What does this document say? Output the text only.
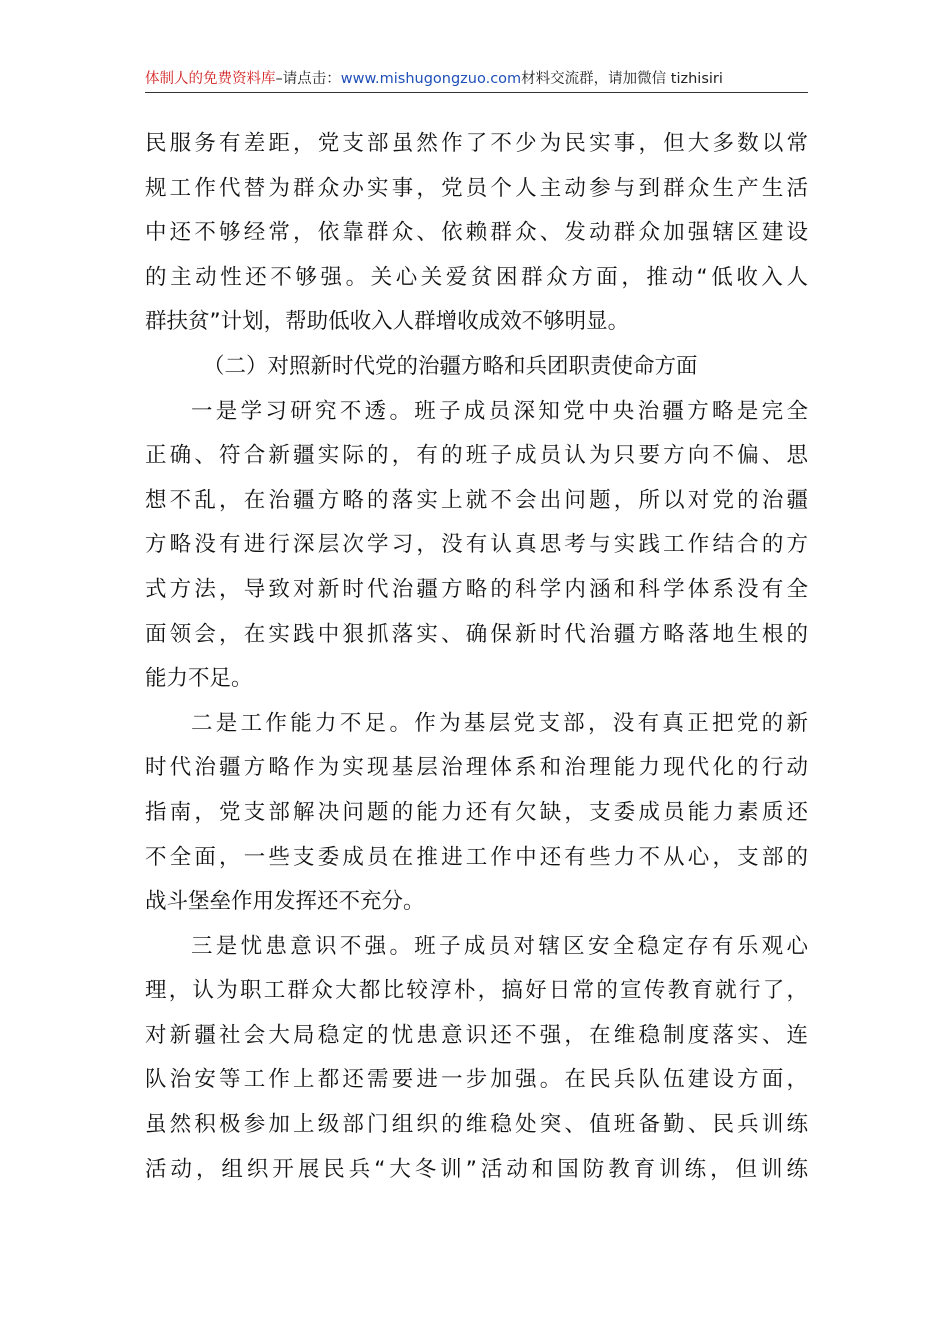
体制人的免费资料库–请点击：www.mishugongzuo.com材料交流群，请加微信 tizhisiri
民服务有差距，党支部虽然作了不少为民实事，但大多数以常
规工作代替为群众办实事，党员个人主动参与到群众生产生活
中还不够经常，依靠群众、依赖群众、发动群众加强辖区建设
的主动性还不够强。关心关爱贫困群众方面，推动“低收入人
群扶贫”计划，帮助低收入人群增收成效不够明显。
（二）对照新时代党的治疆方略和兵团职责使命方面
一是学习研究不透。班子成员深知党中央治疆方略是完全
正确、符合新疆实际的，有的班子成员认为只要方向不偏、思
想不乱，在治疆方略的落实上就不会出问题，所以对党的治疆
方略没有进行深层次学习，没有认真思考与实践工作结合的方
式方法，导致对新时代治疆方略的科学内涵和科学体系没有全
面领会，在实践中狠抓落实、确保新时代治疆方略落地生根的
能力不足。
二是工作能力不足。作为基层党支部，没有真正把党的新
时代治疆方略作为实现基层治理体系和治理能力现代化的行动
指南，党支部解决问题的能力还有欠缺，支委成员能力素质还
不全面，一些支委成员在推进工作中还有些力不从心，支部的
战斗堡垒作用发挥还不充分。
三是忧患意识不强。班子成员对辖区安全稳定存有乐观心
理，认为职工群众大都比较淳朴，搞好日常的宣传教育就行了，
对新疆社会大局稳定的忧患意识还不强，在维稳制度落实、连
队治安等工作上都还需要进一步加强。在民兵队伍建设方面，
虽然积极参加上级部门组织的维稳处突、值班备勤、民兵训练
活动，组织开展民兵“大冬训”活动和国防教育训练，但训练
